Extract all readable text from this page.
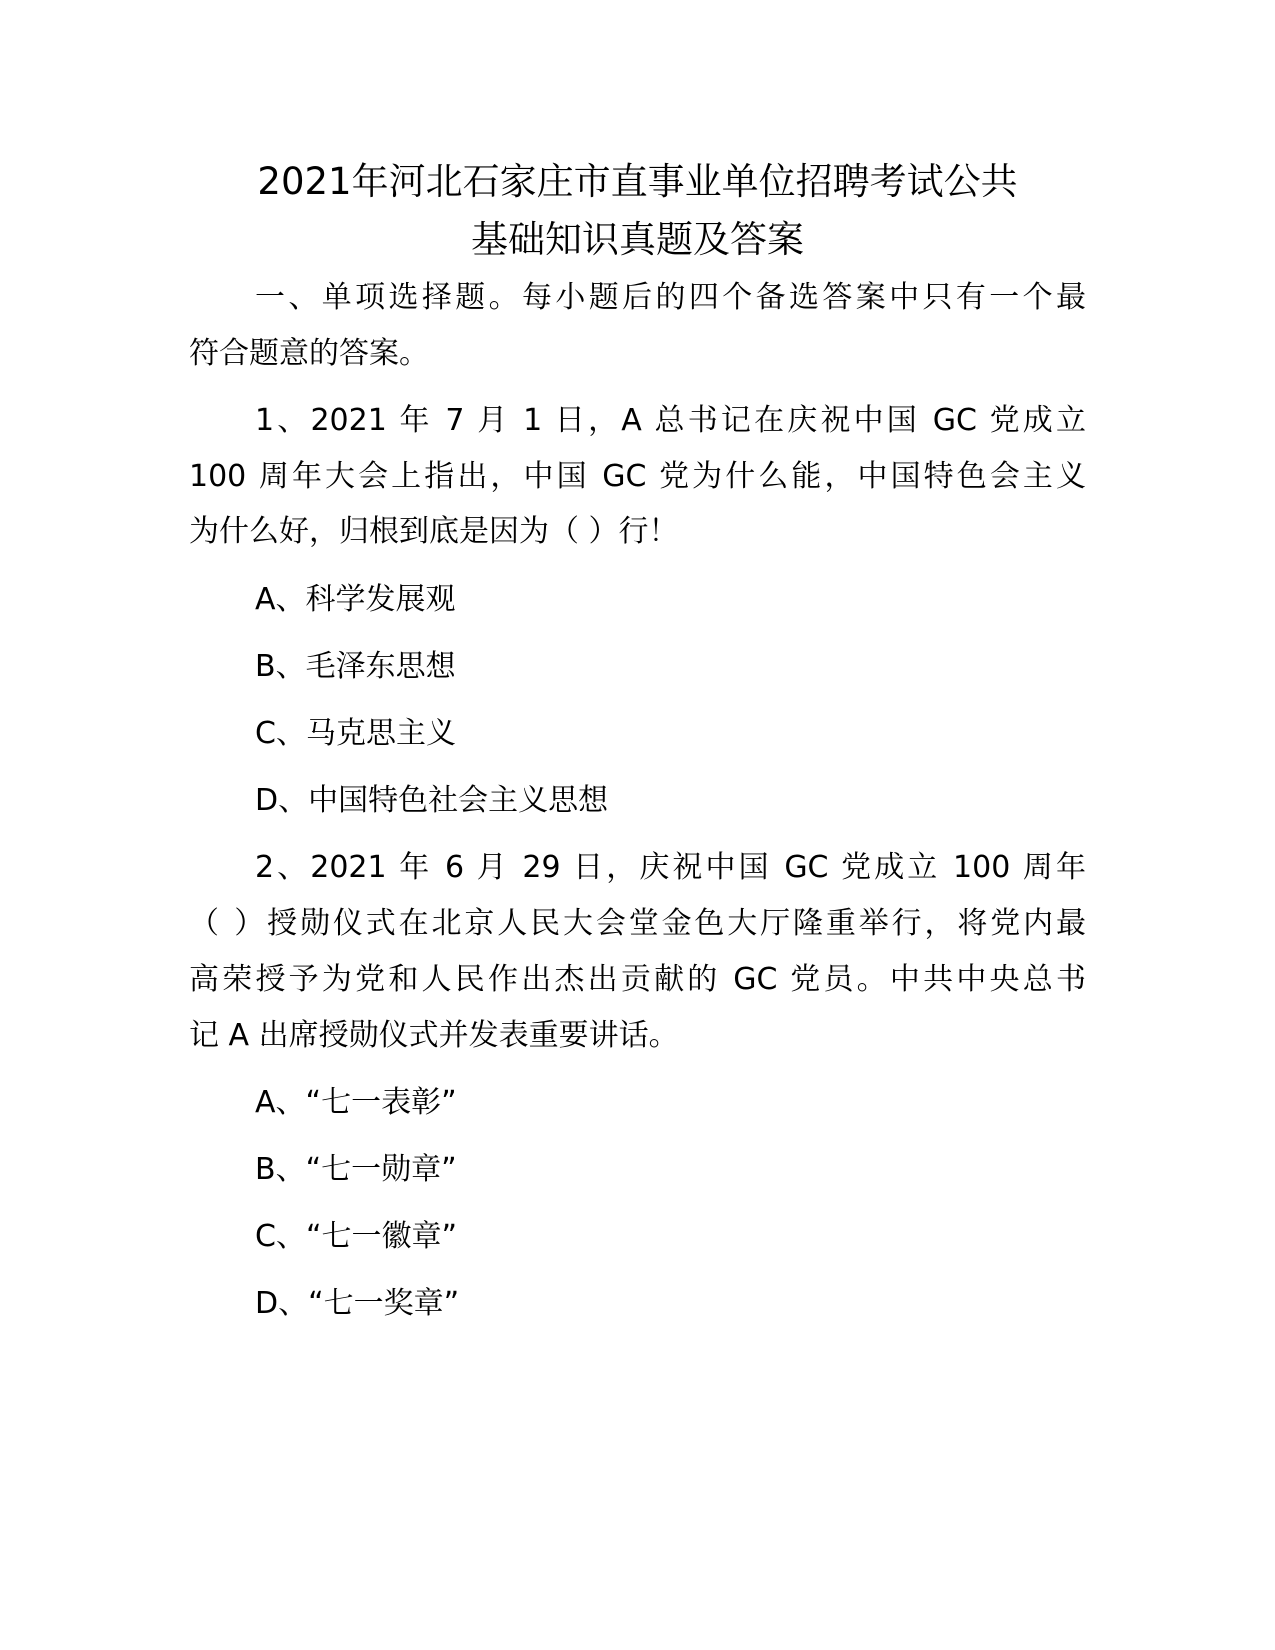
2021年河北石家庄市直事业单位招聘考试公共
基础知识真题及答案
一、单项选择题。每小题后的四个备选答案中只有一个最
符合题意的答案。
1、2021 年 7 月 1 日，A 总书记在庆祝中国 GC 党成立
100 周年大会上指出，中国 GC 党为什么能，中国特色会主义
为什么好，归根到底是因为（ ）行！
A、科学发展观
B、毛泽东思想
C、马克思主义
D、中国特色社会主义思想
2、2021 年 6 月 29 日，庆祝中国 GC 党成立 100 周年
（ ）授勋仪式在北京人民大会堂金色大厅隆重举行，将党内最
高荣授予为党和人民作出杰出贡献的 GC 党员。中共中央总书
记 A 出席授勋仪式并发表重要讲话。
A、“七一表彰”
B、“七一勋章”
C、“七一徽章”
D、“七一奖章”
